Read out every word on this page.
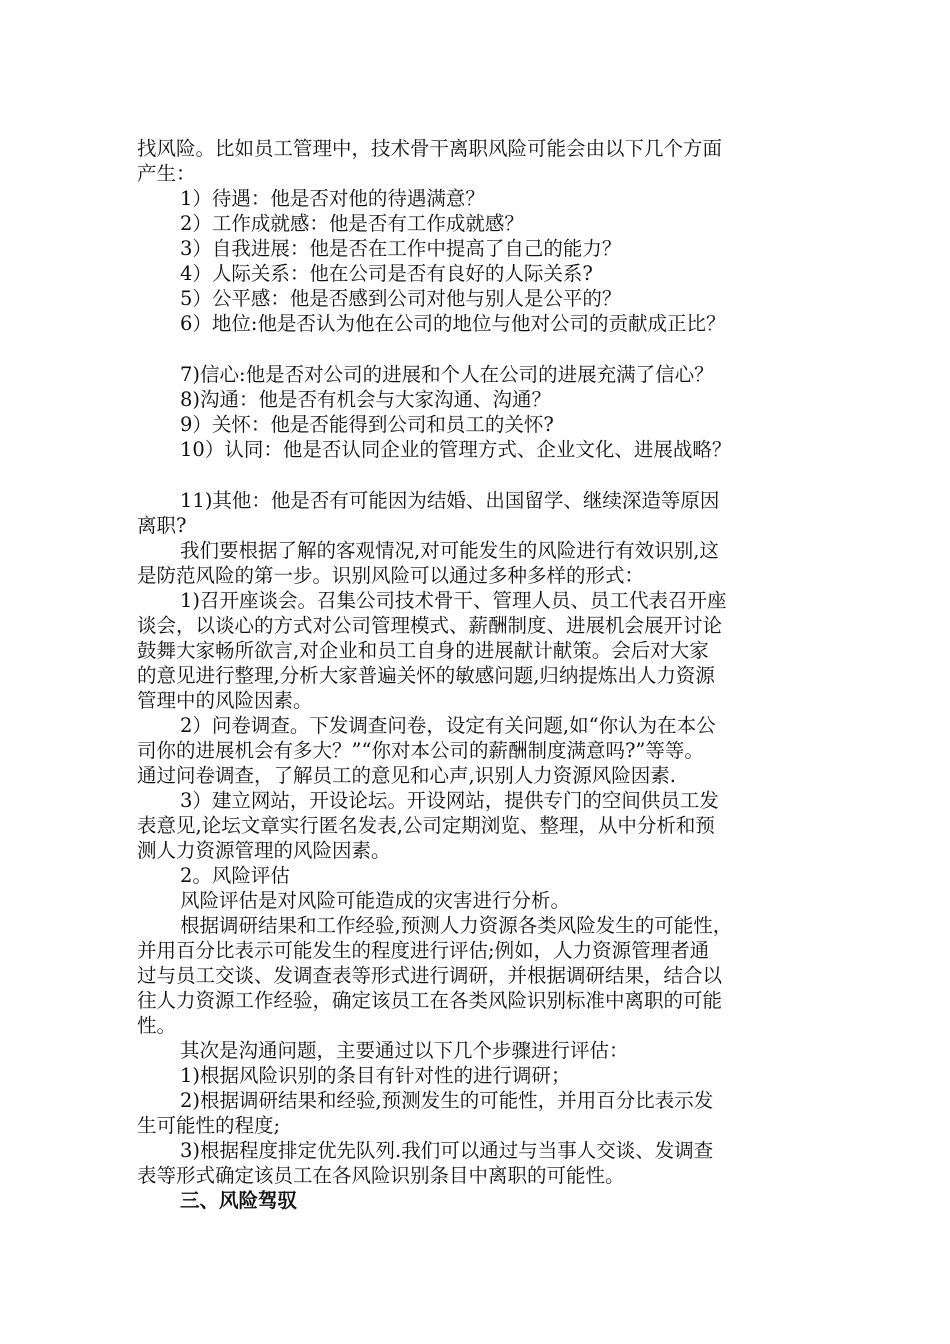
找风险。比如员工管理中，技术骨干离职风险可能会由以下几个方面
产生：
1）待遇：他是否对他的待遇满意？
2）工作成就感：他是否有工作成就感？
3）自我进展：他是否在工作中提高了自己的能力？
4）人际关系：他在公司是否有良好的人际关系?
5）公平感：他是否感到公司对他与别人是公平的？
6）地位:他是否认为他在公司的地位与他对公司的贡献成正比？
7)信心:他是否对公司的进展和个人在公司的进展充满了信心？
8)沟通：他是否有机会与大家沟通、沟通？
9）关怀：他是否能得到公司和员工的关怀?
10）认同：他是否认同企业的管理方式、企业文化、进展战略？
11)其他：他是否有可能因为结婚、出国留学、继续深造等原因
离职?
我们要根据了解的客观情况,对可能发生的风险进行有效识别,这
是防范风险的第一步。识别风险可以通过多种多样的形式：
1)召开座谈会。召集公司技术骨干、管理人员、员工代表召开座
谈会，以谈心的方式对公司管理模式、薪酬制度、进展机会展开讨论
鼓舞大家畅所欲言,对企业和员工自身的进展献计献策。会后对大家
的意见进行整理,分析大家普遍关怀的敏感问题,归纳提炼出人力资源
管理中的风险因素。
2）问卷调查。下发调查问卷，设定有关问题,如“你认为在本公
司你的进展机会有多大？”“你对本公司的薪酬制度满意吗?”等等。
通过问卷调查，了解员工的意见和心声,识别人力资源风险因素.
3）建立网站，开设论坛。开设网站，提供专门的空间供员工发
表意见,论坛文章实行匿名发表,公司定期浏览、整理，从中分析和预
测人力资源管理的风险因素。
2。风险评估
风险评估是对风险可能造成的灾害进行分析。
根据调研结果和工作经验,预测人力资源各类风险发生的可能性，
并用百分比表示可能发生的程度进行评估;例如，人力资源管理者通
过与员工交谈、发调查表等形式进行调研，并根据调研结果，结合以
往人力资源工作经验，确定该员工在各类风险识别标准中离职的可能
性。
其次是沟通问题，主要通过以下几个步骤进行评估：
1)根据风险识别的条目有针对性的进行调研；
2)根据调研结果和经验,预测发生的可能性，并用百分比表示发
生可能性的程度;
3)根据程度排定优先队列.我们可以通过与当事人交谈、发调查
表等形式确定该员工在各风险识别条目中离职的可能性。
三、风险驾驭
